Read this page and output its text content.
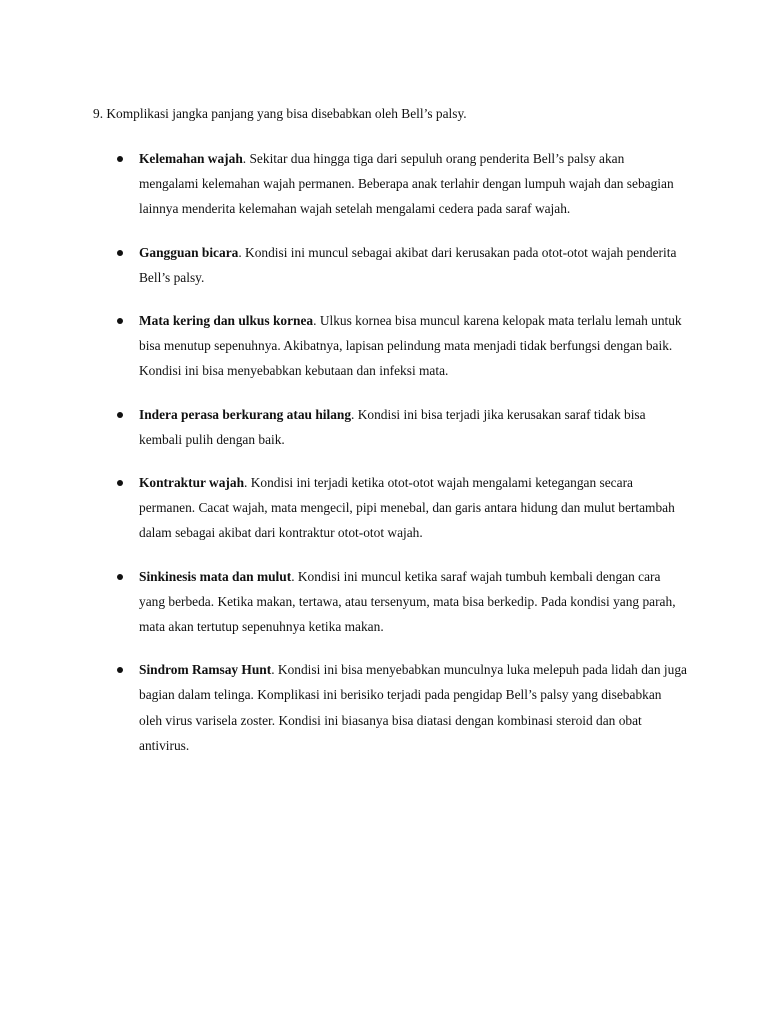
9. Komplikasi jangka panjang yang bisa disebabkan oleh Bell’s palsy.
Kelemahan wajah. Sekitar dua hingga tiga dari sepuluh orang penderita Bell’s palsy akan mengalami kelemahan wajah permanen. Beberapa anak terlahir dengan lumpuh wajah dan sebagian lainnya menderita kelemahan wajah setelah mengalami cedera pada saraf wajah.
Gangguan bicara. Kondisi ini muncul sebagai akibat dari kerusakan pada otot-otot wajah penderita Bell’s palsy.
Mata kering dan ulkus kornea. Ulkus kornea bisa muncul karena kelopak mata terlalu lemah untuk bisa menutup sepenuhnya. Akibatnya, lapisan pelindung mata menjadi tidak berfungsi dengan baik. Kondisi ini bisa menyebabkan kebutaan dan infeksi mata.
Indera perasa berkurang atau hilang. Kondisi ini bisa terjadi jika kerusakan saraf tidak bisa kembali pulih dengan baik.
Kontraktur wajah. Kondisi ini terjadi ketika otot-otot wajah mengalami ketegangan secara permanen. Cacat wajah, mata mengecil, pipi menebal, dan garis antara hidung dan mulut bertambah dalam sebagai akibat dari kontraktur otot-otot wajah.
Sinkinesis mata dan mulut. Kondisi ini muncul ketika saraf wajah tumbuh kembali dengan cara yang berbeda. Ketika makan, tertawa, atau tersenyum, mata bisa berkedip. Pada kondisi yang parah, mata akan tertutup sepenuhnya ketika makan.
Sindrom Ramsay Hunt. Kondisi ini bisa menyebabkan munculnya luka melepuh pada lidah dan juga bagian dalam telinga. Komplikasi ini berisiko terjadi pada pengidap Bell’s palsy yang disebabkan oleh virus varisela zoster. Kondisi ini biasanya bisa diatasi dengan kombinasi steroid dan obat antivirus.
